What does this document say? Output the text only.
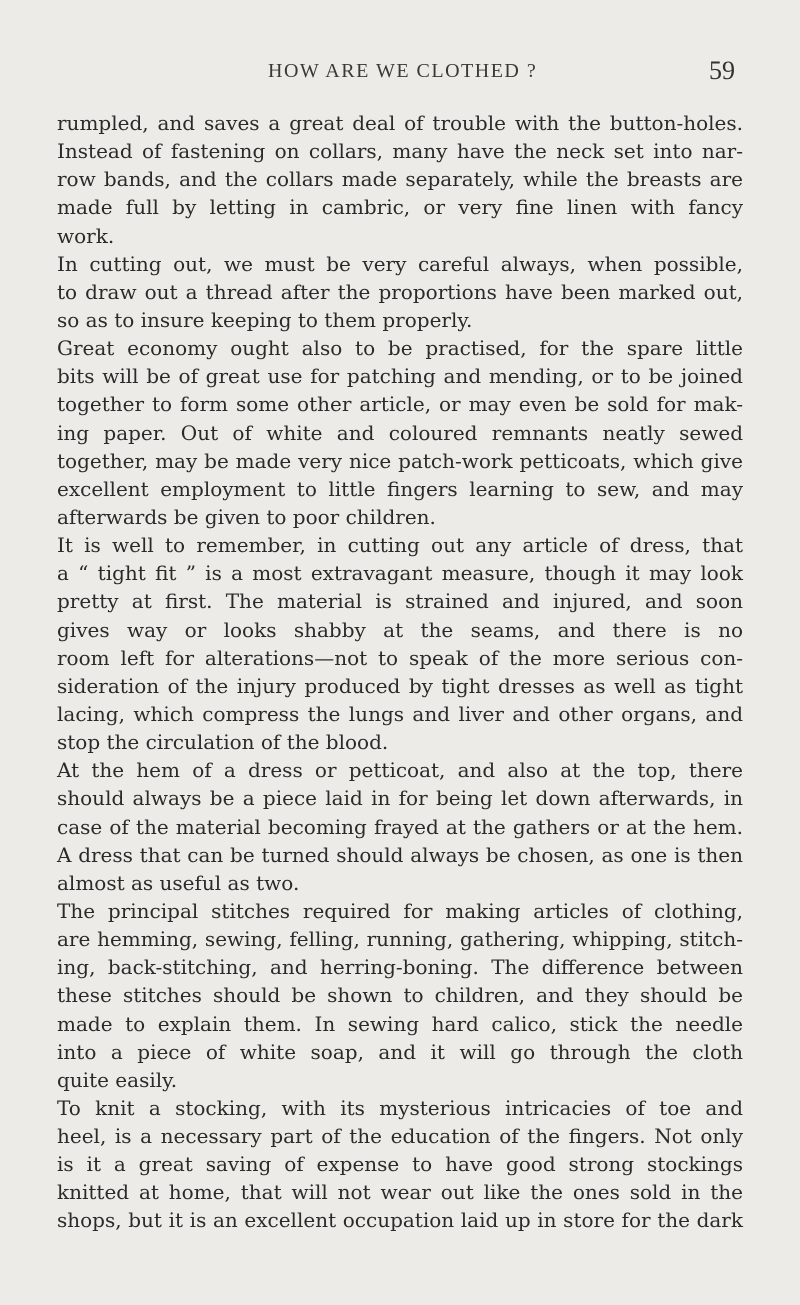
HOW ARE WE CLOTHED ?	59
rumpled, and saves a great deal of trouble with the button-holes.
Instead of fastening on collars, many have the neck set into nar-
row bands, and the collars made separately, while the breasts are
made full by letting in cambric, or very fine linen with fancy
work.
In cutting out, we must be very careful always, when possible,
to draw out a thread after the proportions have been marked out,
so as to insure keeping to them properly.
Great economy ought also to be practised, for the spare little
bits will be of great use for patching and mending, or to be joined
together to form some other article, or may even be sold for mak-
ing paper. Out of white and coloured remnants neatly sewed
together, may be made very nice patch-work petticoats, which give
excellent employment to little fingers learning to sew, and may
afterwards be given to poor children.
It is well to remember, in cutting out any article of dress, that
a “ tight fit ” is a most extravagant measure, though it may look
pretty at first. The material is strained and injured, and soon
gives way or looks shabby at the seams, and there is no
room left for alterations—not to speak of the more serious con-
sideration of the injury produced by tight dresses as well as tight
lacing, which compress the lungs and liver and other organs, and
stop the circulation of the blood.
At the hem of a dress or petticoat, and also at the top, there
should always be a piece laid in for being let down afterwards, in
case of the material becoming frayed at the gathers or at the hem.
A dress that can be turned should always be chosen, as one is then
almost as useful as two.
The principal stitches required for making articles of clothing,
are hemming, sewing, felling, running, gathering, whipping, stitch-
ing, back-stitching, and herring-boning. The difference between
these stitches should be shown to children, and they should be
made to explain them. In sewing hard calico, stick the needle
into a piece of white soap, and it will go through the cloth
quite easily.
To knit a stocking, with its mysterious intricacies of toe and
heel, is a necessary part of the education of the fingers. Not only
is it a great saving of expense to have good strong stockings
knitted at home, that will not wear out like the ones sold in the
shops, but it is an excellent occupation laid up in store for the dark
